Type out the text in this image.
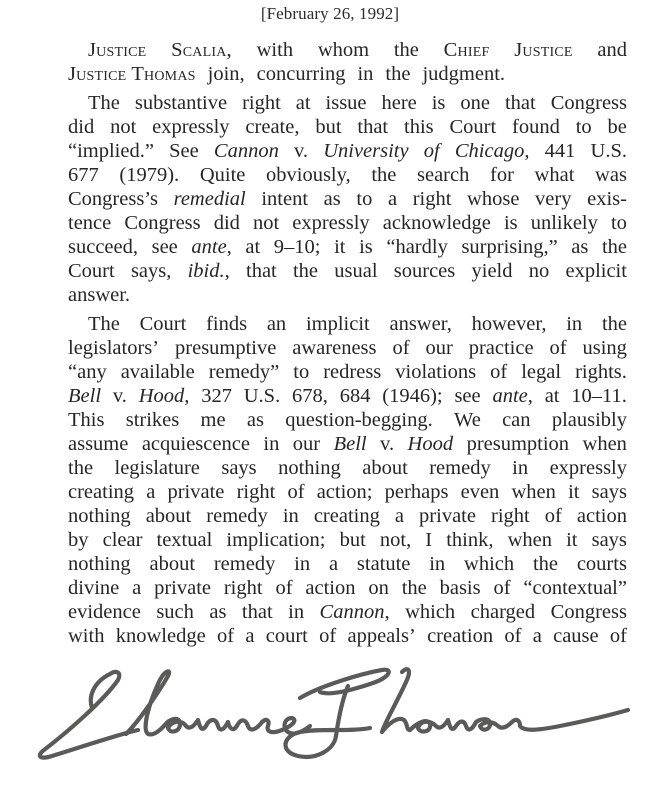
[February 26, 1992]
Justice Scalia, with whom the Chief Justice and
Justice Thomas join, concurring in the judgment.
The substantive right at issue here is one that Congress
did not expressly create, but that this Court found to be
“implied.” See Cannon v. University of Chicago, 441 U.S.
677 (1979). Quite obviously, the search for what was
Congress’s remedial intent as to a right whose very exis-
tence Congress did not expressly acknowledge is unlikely to
succeed, see ante, at 9–10; it is “hardly surprising,” as the
Court says, ibid., that the usual sources yield no explicit
answer.
The Court finds an implicit answer, however, in the
legislators’ presumptive awareness of our practice of using
“any available remedy” to redress violations of legal rights.
Bell v. Hood, 327 U.S. 678, 684 (1946); see ante, at 10–11.
This strikes me as question-begging. We can plausibly
assume acquiescence in our Bell v. Hood presumption when
the legislature says nothing about remedy in expressly
creating a private right of action; perhaps even when it says
nothing about remedy in creating a private right of action
by clear textual implication; but not, I think, when it says
nothing about remedy in a statute in which the courts
divine a private right of action on the basis of “contextual”
evidence such as that in Cannon, which charged Congress
with knowledge of a court of appeals’ creation of a cause of
